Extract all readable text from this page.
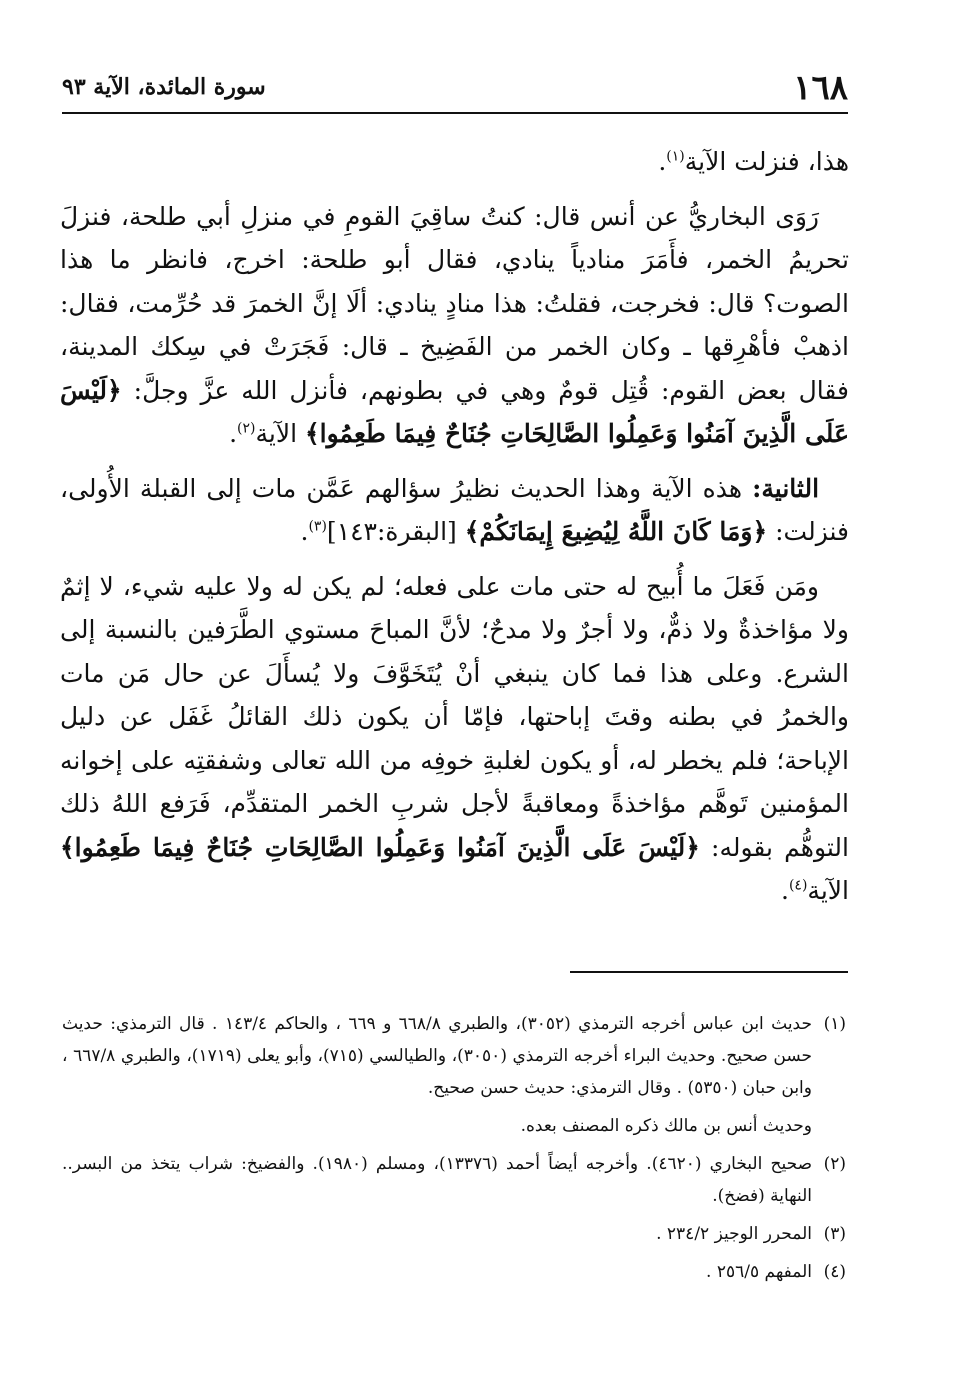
١٦٨
سورة المائدة، الآية ٩٣

هذا، فنزلت الآية$^{(١)}$.

رَوَى البخاريُّ عن أنس قال: كنتُ ساقِيَ القومِ في منزلِ أبي طلحة، فنزلَ تحريمُ الخمر، فأَمَرَ منادياً ينادي، فقال أبو طلحة: اخرج، فانظر ما هذا الصوت؟ قال: فخرجت، فقلتُ: هذا منادٍ ينادي: ألَا إنَّ الخمرَ قد حُرِّمت، فقال: اذهبْ فأهْرِقها ـ وكان الخمر من الفَضِيخ ـ قال: فَجَرَتْ في سِكك المدينة، فقال بعض القوم: قُتِل قومٌ وهي في بطونهم، فأنزل الله عزَّ وجلَّ: ﴿لَيْسَ عَلَى الَّذِينَ آمَنُوا وَعَمِلُوا الصَّالِحَاتِ جُنَاحٌ فِيمَا طَعِمُوا﴾ الآية$^{(٢)}$.

الثانية: هذه الآية وهذا الحديث نظيرُ سؤالهم عَمَّن مات إلى القبلة الأُولى، فنزلت: ﴿وَمَا كَانَ اللَّهُ لِيُضِيعَ إِيمَانَكُمْ﴾ [البقرة:١٤٣]$^{(٣)}$.

ومَن فَعَلَ ما أُبيح له حتى مات على فعله؛ لم يكن له ولا عليه شيء، لا إثمٌ ولا مؤاخذةٌ ولا ذمٌّ، ولا أجرٌ ولا مدحٌ؛ لأنَّ المباحَ مستوي الطَّرَفين بالنسبة إلى الشرع. وعلى هذا فما كان ينبغي أنْ يُتَخَوَّفَ ولا يُسأَلَ عن حال مَن مات والخمرُ في بطنه وقتَ إباحتها، فإمّا أن يكون ذلك القائلُ غَفَل عن دليل الإباحة؛ فلم يخطر له، أو يكون لغلبةِ خوفِه من الله تعالى وشفقتِه على إخوانه المؤمنين تَوهَّم مؤاخذةً ومعاقبةً لأجل شربِ الخمر المتقدِّم، فَرَفع اللهُ ذلك التوهُّم بقوله: ﴿لَيْسَ عَلَى الَّذِينَ آمَنُوا وَعَمِلُوا الصَّالِحَاتِ جُنَاحٌ فِيمَا طَعِمُوا﴾ الآية$^{(٤)}$.

(١)حديث ابن عباس أخرجه الترمذي (٣٠٥٢)، والطبري ٦٦٨/٨ و ٦٦٩ ، والحاكم ١٤٣/٤ . قال الترمذي: حديث حسن صحيح. وحديث البراء أخرجه الترمذي (٣٠٥٠)، والطيالسي (٧١٥)، وأبو يعلى (١٧١٩)، والطبري ٦٦٧/٨ ، وابن حبان (٥٣٥٠) . وقال الترمذي: حديث حسن صحيح.

وحديث أنس بن مالك ذكره المصنف بعده.

(٢)صحيح البخاري (٤٦٢٠). وأخرجه أيضاً أحمد (١٣٣٧٦)، ومسلم (١٩٨٠). والفضيخ: شراب يتخذ من البسر.. النهاية (فضخ).

(٣)المحرر الوجيز ٢٣٤/٢ .

(٤)المفهم ٢٥٦/٥ .
